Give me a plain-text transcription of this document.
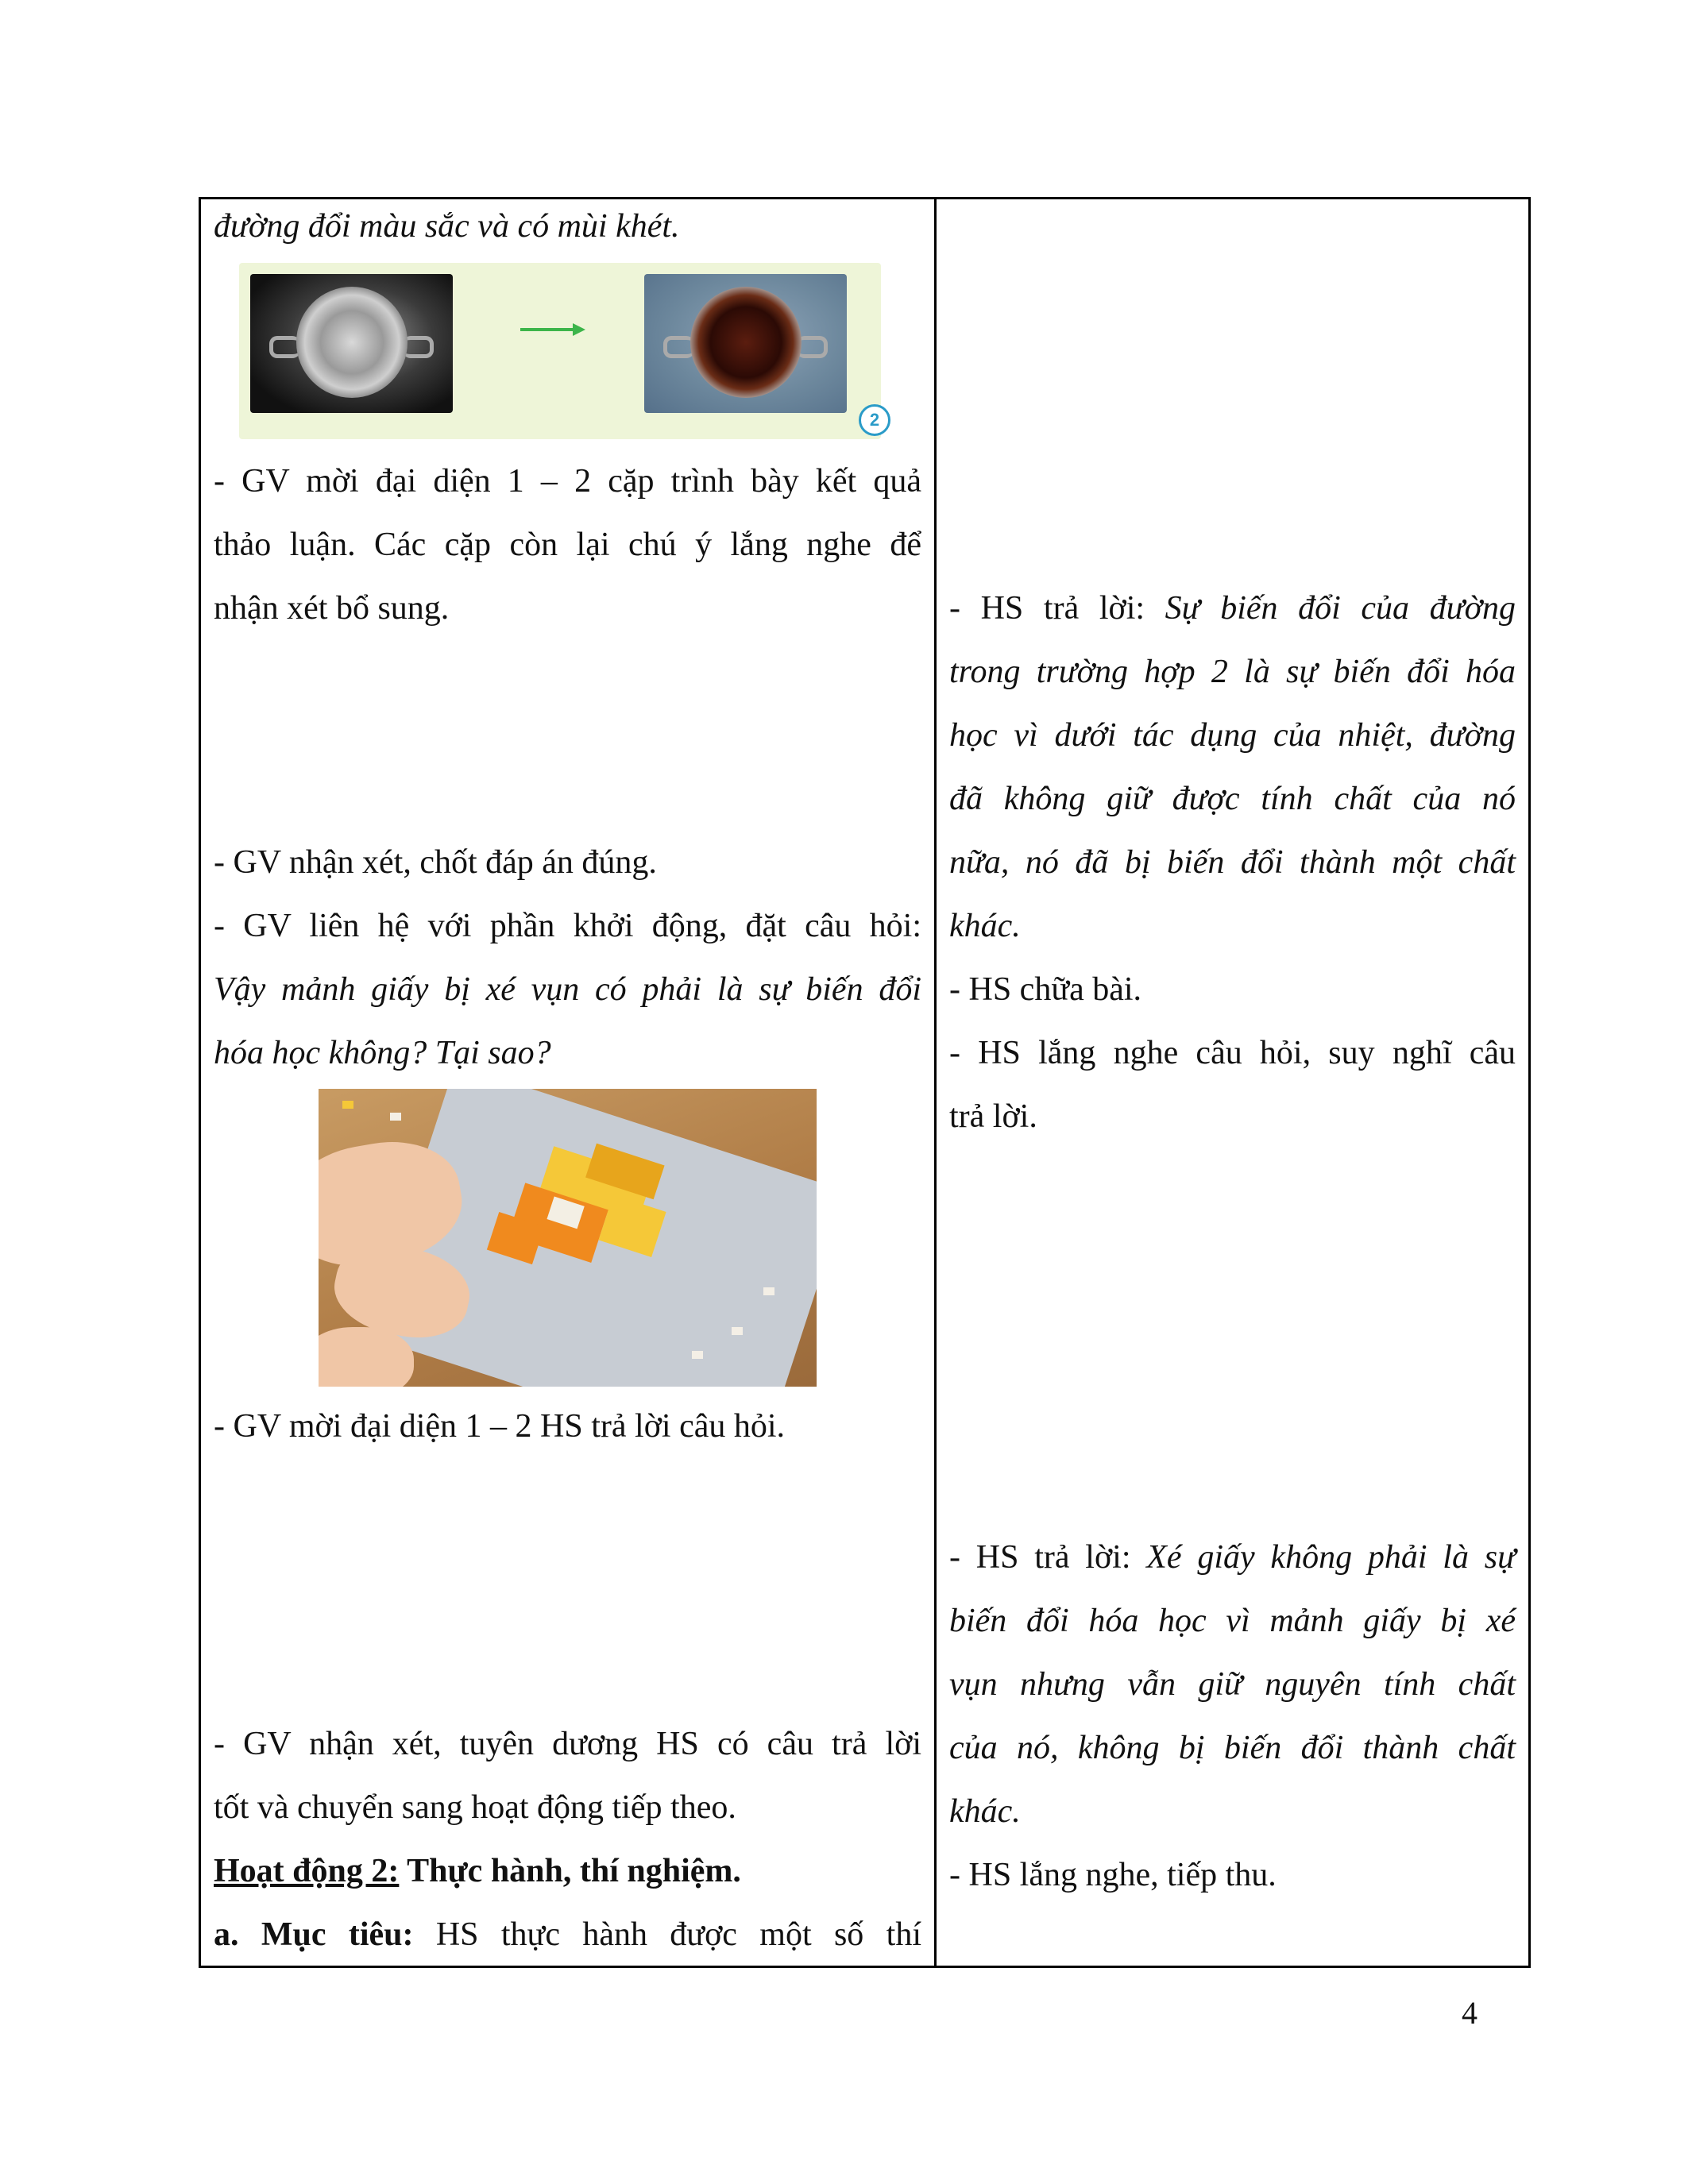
đường đổi màu sắc và có mùi khét.
2
- GV mời đại diện 1 – 2 cặp trình bày kết quả
thảo luận. Các cặp còn lại chú ý lắng nghe để
nhận xét bổ sung.
- GV nhận xét, chốt đáp án đúng.
- GV liên hệ với phần khởi động, đặt câu hỏi:
Vậy mảnh giấy bị xé vụn có phải là sự biến đổi
hóa học không? Tại sao?
- GV mời đại diện 1 – 2 HS trả lời câu hỏi.
- GV nhận xét, tuyên dương HS có câu trả lời
tốt và chuyển sang hoạt động tiếp theo.
Hoạt động 2: Thực hành, thí nghiệm.
a. Mục tiêu: HS thực hành được một số thí

- HS trả lời: Sự biến đổi của đường
trong trường hợp 2 là sự biến đổi hóa
học vì dưới tác dụng của nhiệt, đường
đã không giữ được tính chất của nó
nữa, nó đã bị biến đổi thành một chất
khác.
- HS chữa bài.
- HS lắng nghe câu hỏi, suy nghĩ câu
trả lời.
- HS trả lời: Xé giấy không phải là sự
biến đổi hóa học vì mảnh giấy bị xé
vụn nhưng vẫn giữ nguyên tính chất
của nó, không bị biến đổi thành chất
khác.
- HS lắng nghe, tiếp thu.
4
